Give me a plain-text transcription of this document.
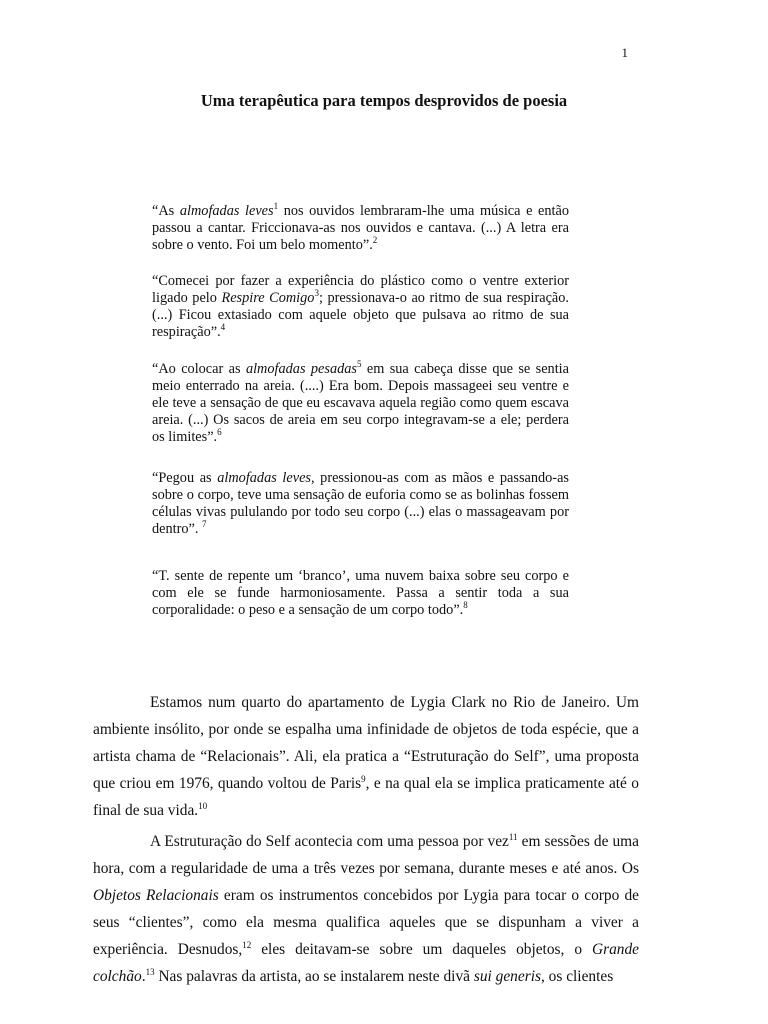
1
Uma terapêutica para tempos desprovidos de poesia

“As almofadas leves$^1$ nos ouvidos lembraram-lhe uma música e então passou a cantar. Friccionava-as nos ouvidos e cantava. (...) A letra era sobre o vento. Foi um belo momento”.$^2$

“Comecei por fazer a experiência do plástico como o ventre exterior ligado pelo Respire Comigo$^3$; pressionava-o ao ritmo de sua respiração. (...) Ficou extasiado com aquele objeto que pulsava ao ritmo de sua respiração”.$^4$

“Ao colocar as almofadas pesadas$^5$ em sua cabeça disse que se sentia meio enterrado na areia. (....) Era bom. Depois massageei seu ventre e ele teve a sensação de que eu escavava aquela região como quem escava areia. (...) Os sacos de areia em seu corpo integravam-se a ele; perdera os limites”.$^6$

“Pegou as almofadas leves, pressionou-as com as mãos e passando-as sobre o corpo, teve uma sensação de euforia como se as bolinhas fossem células vivas pululando por todo seu corpo (...) elas o massageavam por dentro”. $^7$

“T. sente de repente um ‘branco’, uma nuvem baixa sobre seu corpo e com ele se funde harmoniosamente. Passa a sentir toda a sua corporalidade: o peso e a sensação de um corpo todo”.$^8$

Estamos num quarto do apartamento de Lygia Clark no Rio de Janeiro. Um ambiente insólito, por onde se espalha uma infinidade de objetos de toda espécie, que a artista chama de “Relacionais”. Ali, ela pratica a “Estruturação do Self”, uma proposta que criou em 1976, quando voltou de Paris$^9$, e na qual ela se implica praticamente até o final de sua vida.$^{10}$

A Estruturação do Self acontecia com uma pessoa por vez$^{11}$ em sessões de uma hora, com a regularidade de uma a três vezes por semana, durante meses e até anos. Os Objetos Relacionais eram os instrumentos concebidos por Lygia para tocar o corpo de seus “clientes”, como ela mesma qualifica aqueles que se dispunham a viver a experiência. Desnudos,$^{12}$ eles deitavam-se sobre um daqueles objetos, o Grande colchão.$^{13}$ Nas palavras da artista, ao se instalarem neste divã sui generis, os clientes
